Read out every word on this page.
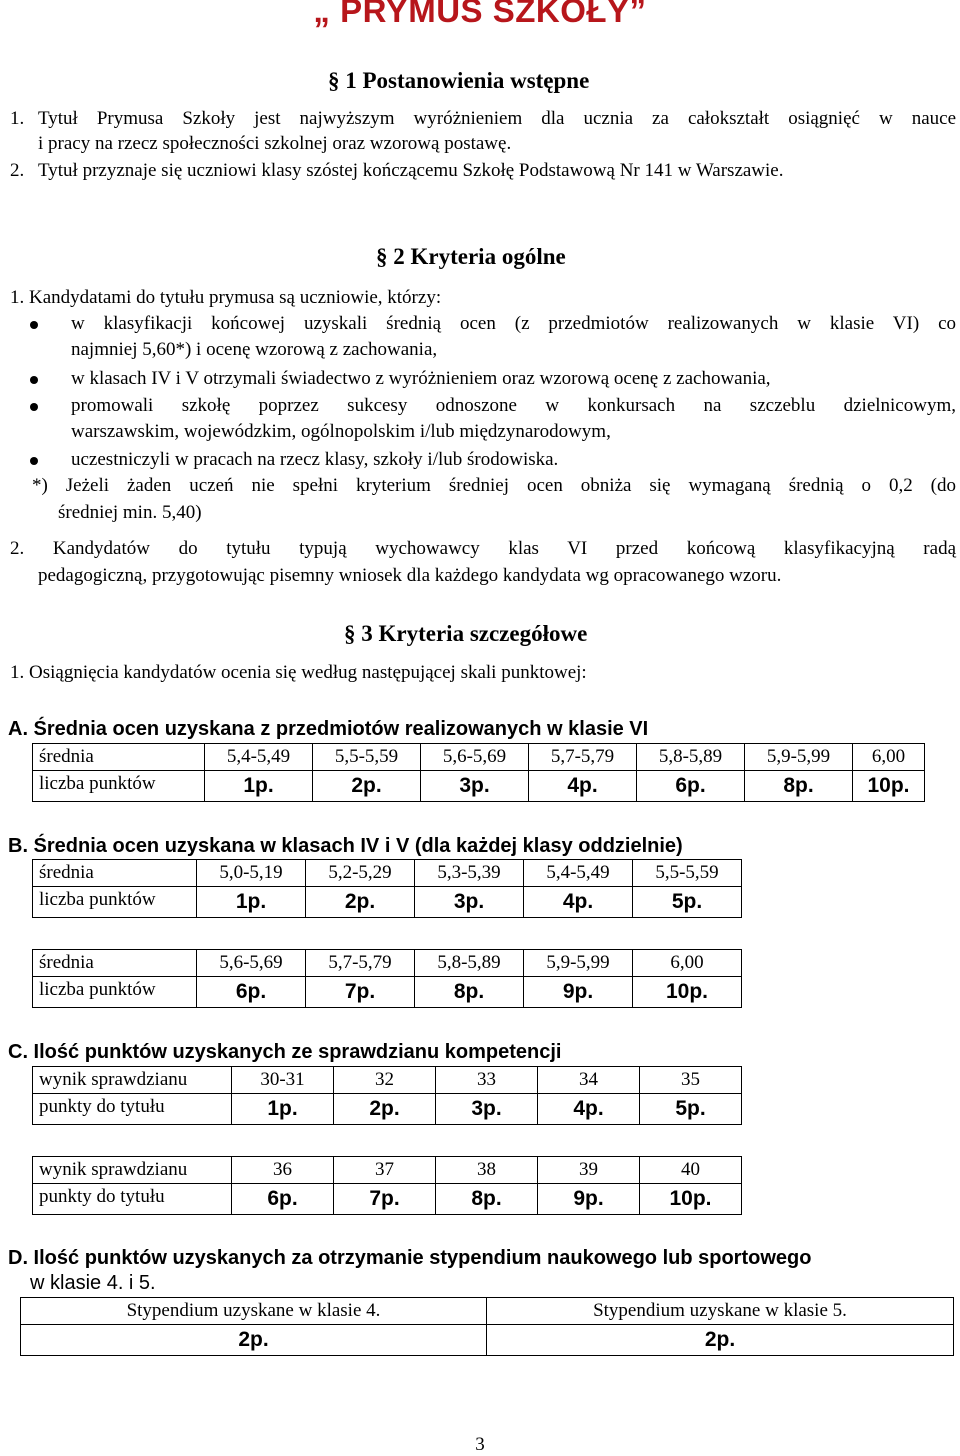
„ PRYMUS SZKOŁY”
§ 1 Postanowienia wstępne
1. Tytuł Prymusa Szkoły jest najwyższym wyróżnieniem dla ucznia za całokształt osiągnięć w nauce
i pracy na rzecz społeczności szkolnej oraz wzorową postawę.
2. Tytuł przyznaje się uczniowi klasy szóstej kończącemu Szkołę Podstawową Nr 141 w Warszawie.
§ 2 Kryteria ogólne
1. Kandydatami do tytułu prymusa są uczniowie, którzy:
w klasyfikacji końcowej uzyskali średnią ocen (z przedmiotów realizowanych w klasie VI) co
najmniej 5,60*) i ocenę wzorową z zachowania,
w klasach IV i V otrzymali świadectwo z wyróżnieniem oraz wzorową ocenę z zachowania,
promowali szkołę poprzez sukcesy odnoszone w konkursach na szczeblu dzielnicowym,
warszawskim, wojewódzkim, ogólnopolskim i/lub międzynarodowym,
uczestniczyli w pracach na rzecz klasy, szkoły i/lub środowiska.
*) Jeżeli żaden uczeń nie spełni kryterium średniej ocen obniża się wymaganą średnią o 0,2 (do
średniej min. 5,40)
2. Kandydatów do tytułu typują wychowawcy klas VI przed końcową klasyfikacyjną radą
pedagogiczną, przygotowując pisemny wniosek dla każdego kandydata wg opracowanego wzoru.
§ 3 Kryteria szczegółowe
1. Osiągnięcia kandydatów ocenia się według następującej skali punktowej:
A. Średnia ocen uzyskana z przedmiotów realizowanych w klasie VI
średnia	5,4-5,49	5,5-5,59	5,6-5,69	5,7-5,79	5,8-5,89	5,9-5,99	6,00
liczba punktów	1p.	2p.	3p.	4p.	6p.	8p.	10p.
B. Średnia ocen uzyskana w klasach IV i V (dla każdej klasy oddzielnie)
średnia	5,0-5,19	5,2-5,29	5,3-5,39	5,4-5,49	5,5-5,59
liczba punktów	1p.	2p.	3p.	4p.	5p.
średnia	5,6-5,69	5,7-5,79	5,8-5,89	5,9-5,99	6,00
liczba punktów	6p.	7p.	8p.	9p.	10p.
C. Ilość punktów uzyskanych ze sprawdzianu kompetencji
wynik sprawdzianu	30-31	32	33	34	35
punkty do tytułu	1p.	2p.	3p.	4p.	5p.
wynik sprawdzianu	36	37	38	39	40
punkty do tytułu	6p.	7p.	8p.	9p.	10p.
D. Ilość punktów uzyskanych za otrzymanie stypendium naukowego lub sportowego
w klasie 4. i 5.
Stypendium uzyskane w klasie 4.	Stypendium uzyskane w klasie 5.
2p.	2p.
3
